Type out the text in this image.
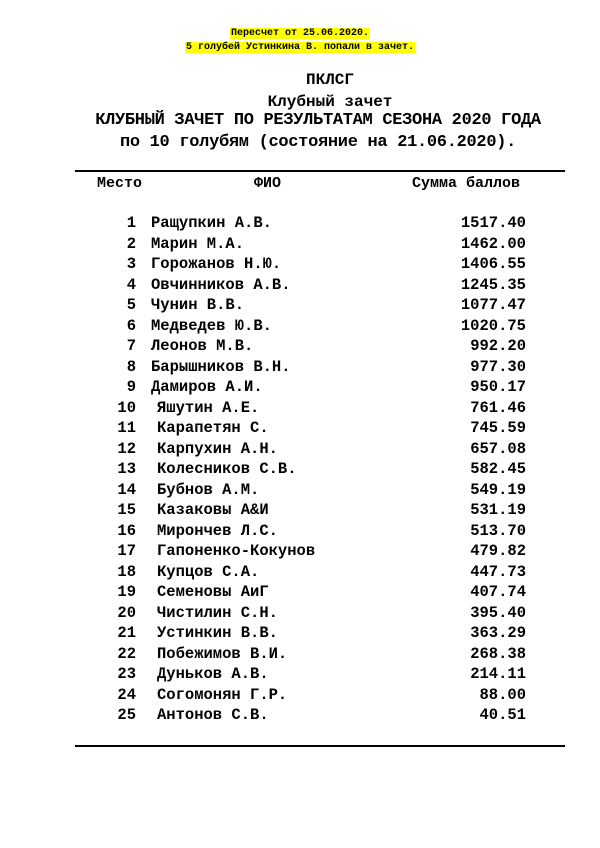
Пересчет от 25.06.2020.
5 голубей Устинкина В. попали в зачет.
ПКЛСГ
Клубный зачет
КЛУБНЫЙ ЗАЧЕТ ПО РЕЗУЛЬТАТАМ СЕЗОНА 2020 ГОДА
по 10 голубям (состояние на 21.06.2020).
Место	ФИО	Сумма баллов
1 Ращупкин А.В.	1517.40
2 Марин М.А.	1462.00
3 Горожанов Н.Ю.	1406.55
4 Овчинников А.В.	1245.35
5 Чунин В.В.	1077.47
6 Медведев Ю.В.	1020.75
7 Леонов М.В.	992.20
8 Барышников В.Н.	977.30
9 Дамиров А.И.	950.17
10 Яшутин А.Е.	761.46
11 Карапетян С.	745.59
12 Карпухин А.Н.	657.08
13 Колесников С.В.	582.45
14 Бубнов А.М.	549.19
15 Казаковы А&И	531.19
16 Мирончев Л.С.	513.70
17 Гапоненко-Кокунов	479.82
18 Купцов С.А.	447.73
19 Семеновы АиГ	407.74
20 Чистилин С.Н.	395.40
21 Устинкин В.В.	363.29
22 Побежимов В.И.	268.38
23 Дуньков А.В.	214.11
24 Согомонян Г.Р.	88.00
25 Антонов С.В.	40.51
